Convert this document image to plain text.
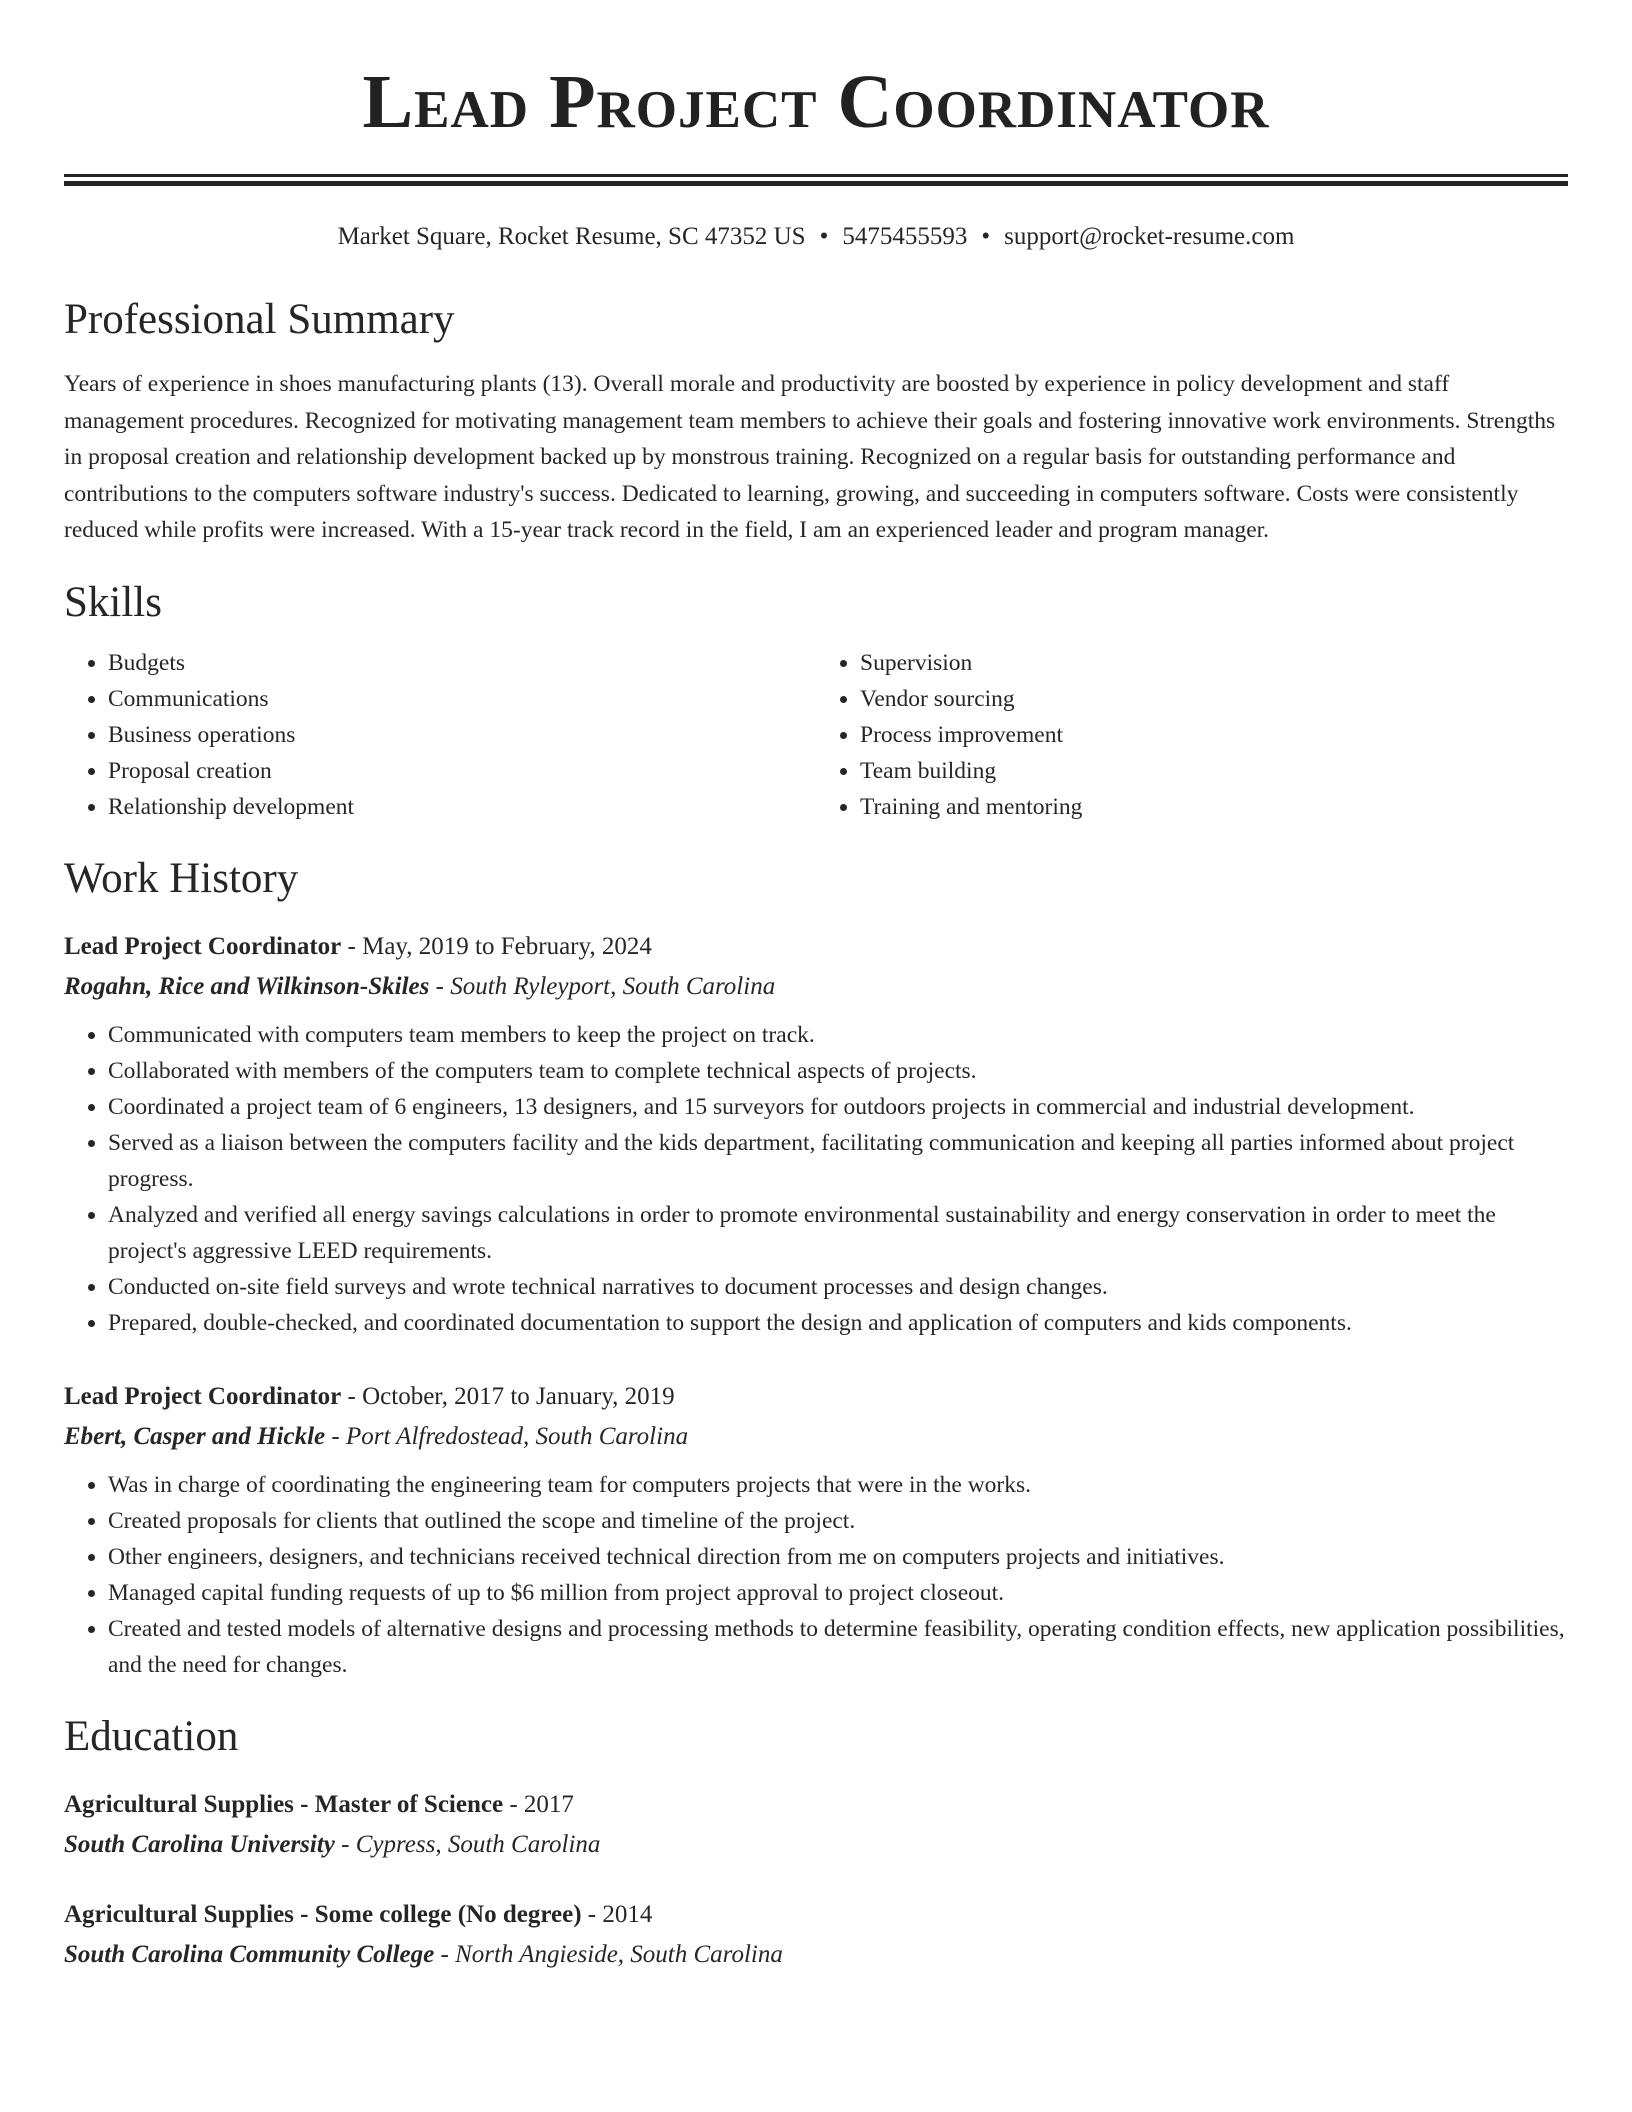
Lead Project Coordinator
Market Square, Rocket Resume, SC 47352 US • 5475455593 • support@rocket-resume.com
Professional Summary

Years of experience in shoes manufacturing plants (13). Overall morale and productivity are boosted by experience in policy development and staff management procedures. Recognized for motivating management team members to achieve their goals and fostering innovative work environments. Strengths in proposal creation and relationship development backed up by monstrous training. Recognized on a regular basis for outstanding performance and contributions to the computers software industry's success. Dedicated to learning, growing, and succeeding in computers software. Costs were consistently reduced while profits were increased. With a 15-year track record in the field, I am an experienced leader and program manager.

Skills
• Budgets
• Communications
• Business operations
• Proposal creation
• Relationship development
• Supervision
• Vendor sourcing
• Process improvement
• Team building
• Training and mentoring
Work History
Lead Project Coordinator - May, 2019 to February, 2024
Rogahn, Rice and Wilkinson-Skiles - South Ryleyport, South Carolina
• Communicated with computers team members to keep the project on track.
• Collaborated with members of the computers team to complete technical aspects of projects.
• Coordinated a project team of 6 engineers, 13 designers, and 15 surveyors for outdoors projects in commercial and industrial development.
• Served as a liaison between the computers facility and the kids department, facilitating communication and keeping all parties informed about project progress.
• Analyzed and verified all energy savings calculations in order to promote environmental sustainability and energy conservation in order to meet the project's aggressive LEED requirements.
• Conducted on-site field surveys and wrote technical narratives to document processes and design changes.
• Prepared, double-checked, and coordinated documentation to support the design and application of computers and kids components.
Lead Project Coordinator - October, 2017 to January, 2019
Ebert, Casper and Hickle - Port Alfredostead, South Carolina
• Was in charge of coordinating the engineering team for computers projects that were in the works.
• Created proposals for clients that outlined the scope and timeline of the project.
• Other engineers, designers, and technicians received technical direction from me on computers projects and initiatives.
• Managed capital funding requests of up to $6 million from project approval to project closeout.
• Created and tested models of alternative designs and processing methods to determine feasibility, operating condition effects, new application possibilities, and the need for changes.
Education
Agricultural Supplies - Master of Science - 2017
South Carolina University - Cypress, South Carolina
Agricultural Supplies - Some college (No degree) - 2014
South Carolina Community College - North Angieside, South Carolina
